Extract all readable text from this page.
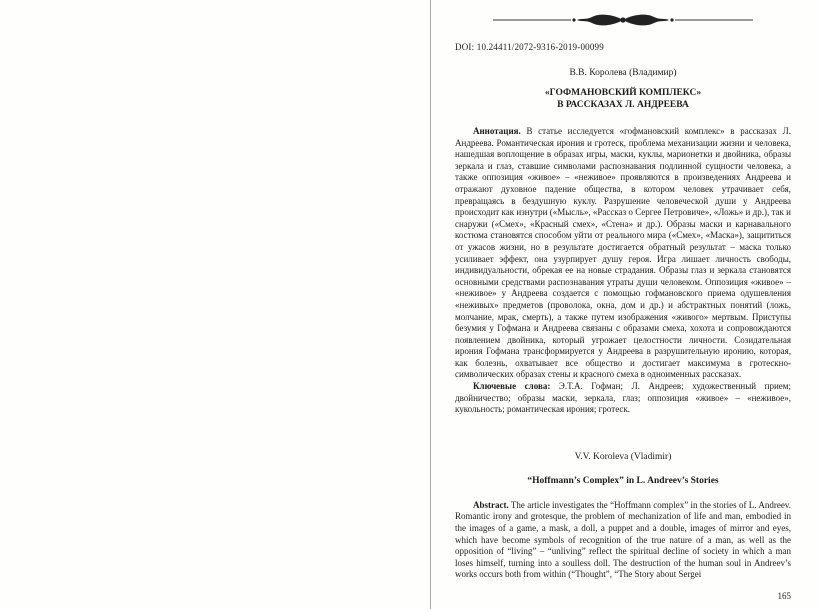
DOI: 10.24411/2072-9316-2019-00099
В.В. Королева (Владимир)
«ГОФМАНОВСКИЙ КОМПЛЕКС»
В РАССКАЗАХ Л. АНДРЕЕВА

Аннотация. В статье исследуется «гофмановский комплекс» в рассказах Л. Андреева. Романтическая ирония и гротеск, проблема механизации жизни и человека, нашедшая воплощение в образах игры, маски, куклы, марионетки и двойника, образы зеркала и глаз, ставшие символами распознавания подлинной сущности человека, а также оппозиция «живое» – «неживое» проявляются в произведениях Андреева и отражают духовное падение общества, в котором человек утрачивает себя, превращаясь в бездушную куклу. Разрушение человеческой души у Андреева происходит как изнутри («Мысль», «Рассказ о Сергее Петровиче», «Ложь» и др.), так и снаружи («Смех», «Красный смех», «Стена» и др.). Образы маски и карнавального костюма становятся способом уйти от реального мира («Смех», «Маска»), защититься от ужасов жизни, но в результате достигается обратный результат – маска только усиливает эффект, она узурпирует душу героя. Игра лишает личность свободы, индивидуальности, обрекая ее на новые страдания. Образы глаз и зеркала становятся основными средствами распознавания утраты души человеком. Оппозиция «живое» – «неживое» у Андреева создается с помощью гофмановского приема одушевления «неживых» предметов (проволока, окна, дом и др.) и абстрактных понятий (ложь, молчание, мрак, смерть), а также путем изображения «живого» мертвым. Приступы безумия у Гофмана и Андреева связаны с образами смеха, хохота и сопровождаются появлением двойника, который угрожает целостности личности. Созидательная ирония Гофмана трансформируется у Андреева в разрушительную иронию, которая, как болезнь, охватывает все общество и достигает максимума в гротескно-символических образах стены и красного смеха в одноименных рассказах.

Ключевые слова: Э.Т.А. Гофман; Л. Андреев; художественный прием; двойничество; образы маски, зеркала, глаз; оппозиция «живое» – «неживое», кукольность; романтическая ирония; гротеск.

V.V. Koroleva (Vladimir)
“Hoffmann’s Complex” in L. Andreev’s Stories

Abstract. The article investigates the “Hoffmann complex” in the stories of L. Andreev. Romantic irony and grotesque, the problem of mechanization of life and man, embodied in the images of a game, a mask, a doll, a puppet and a double, images of mirror and eyes, which have become symbols of recognition of the true nature of a man, as well as the opposition of “living” – “unliving” reflect the spiritual decline of society in which a man loses himself, turning into a soulless doll. The destruction of the human soul in Andreev’s works occurs both from within (“Thought”, “The Story about Sergei

165
